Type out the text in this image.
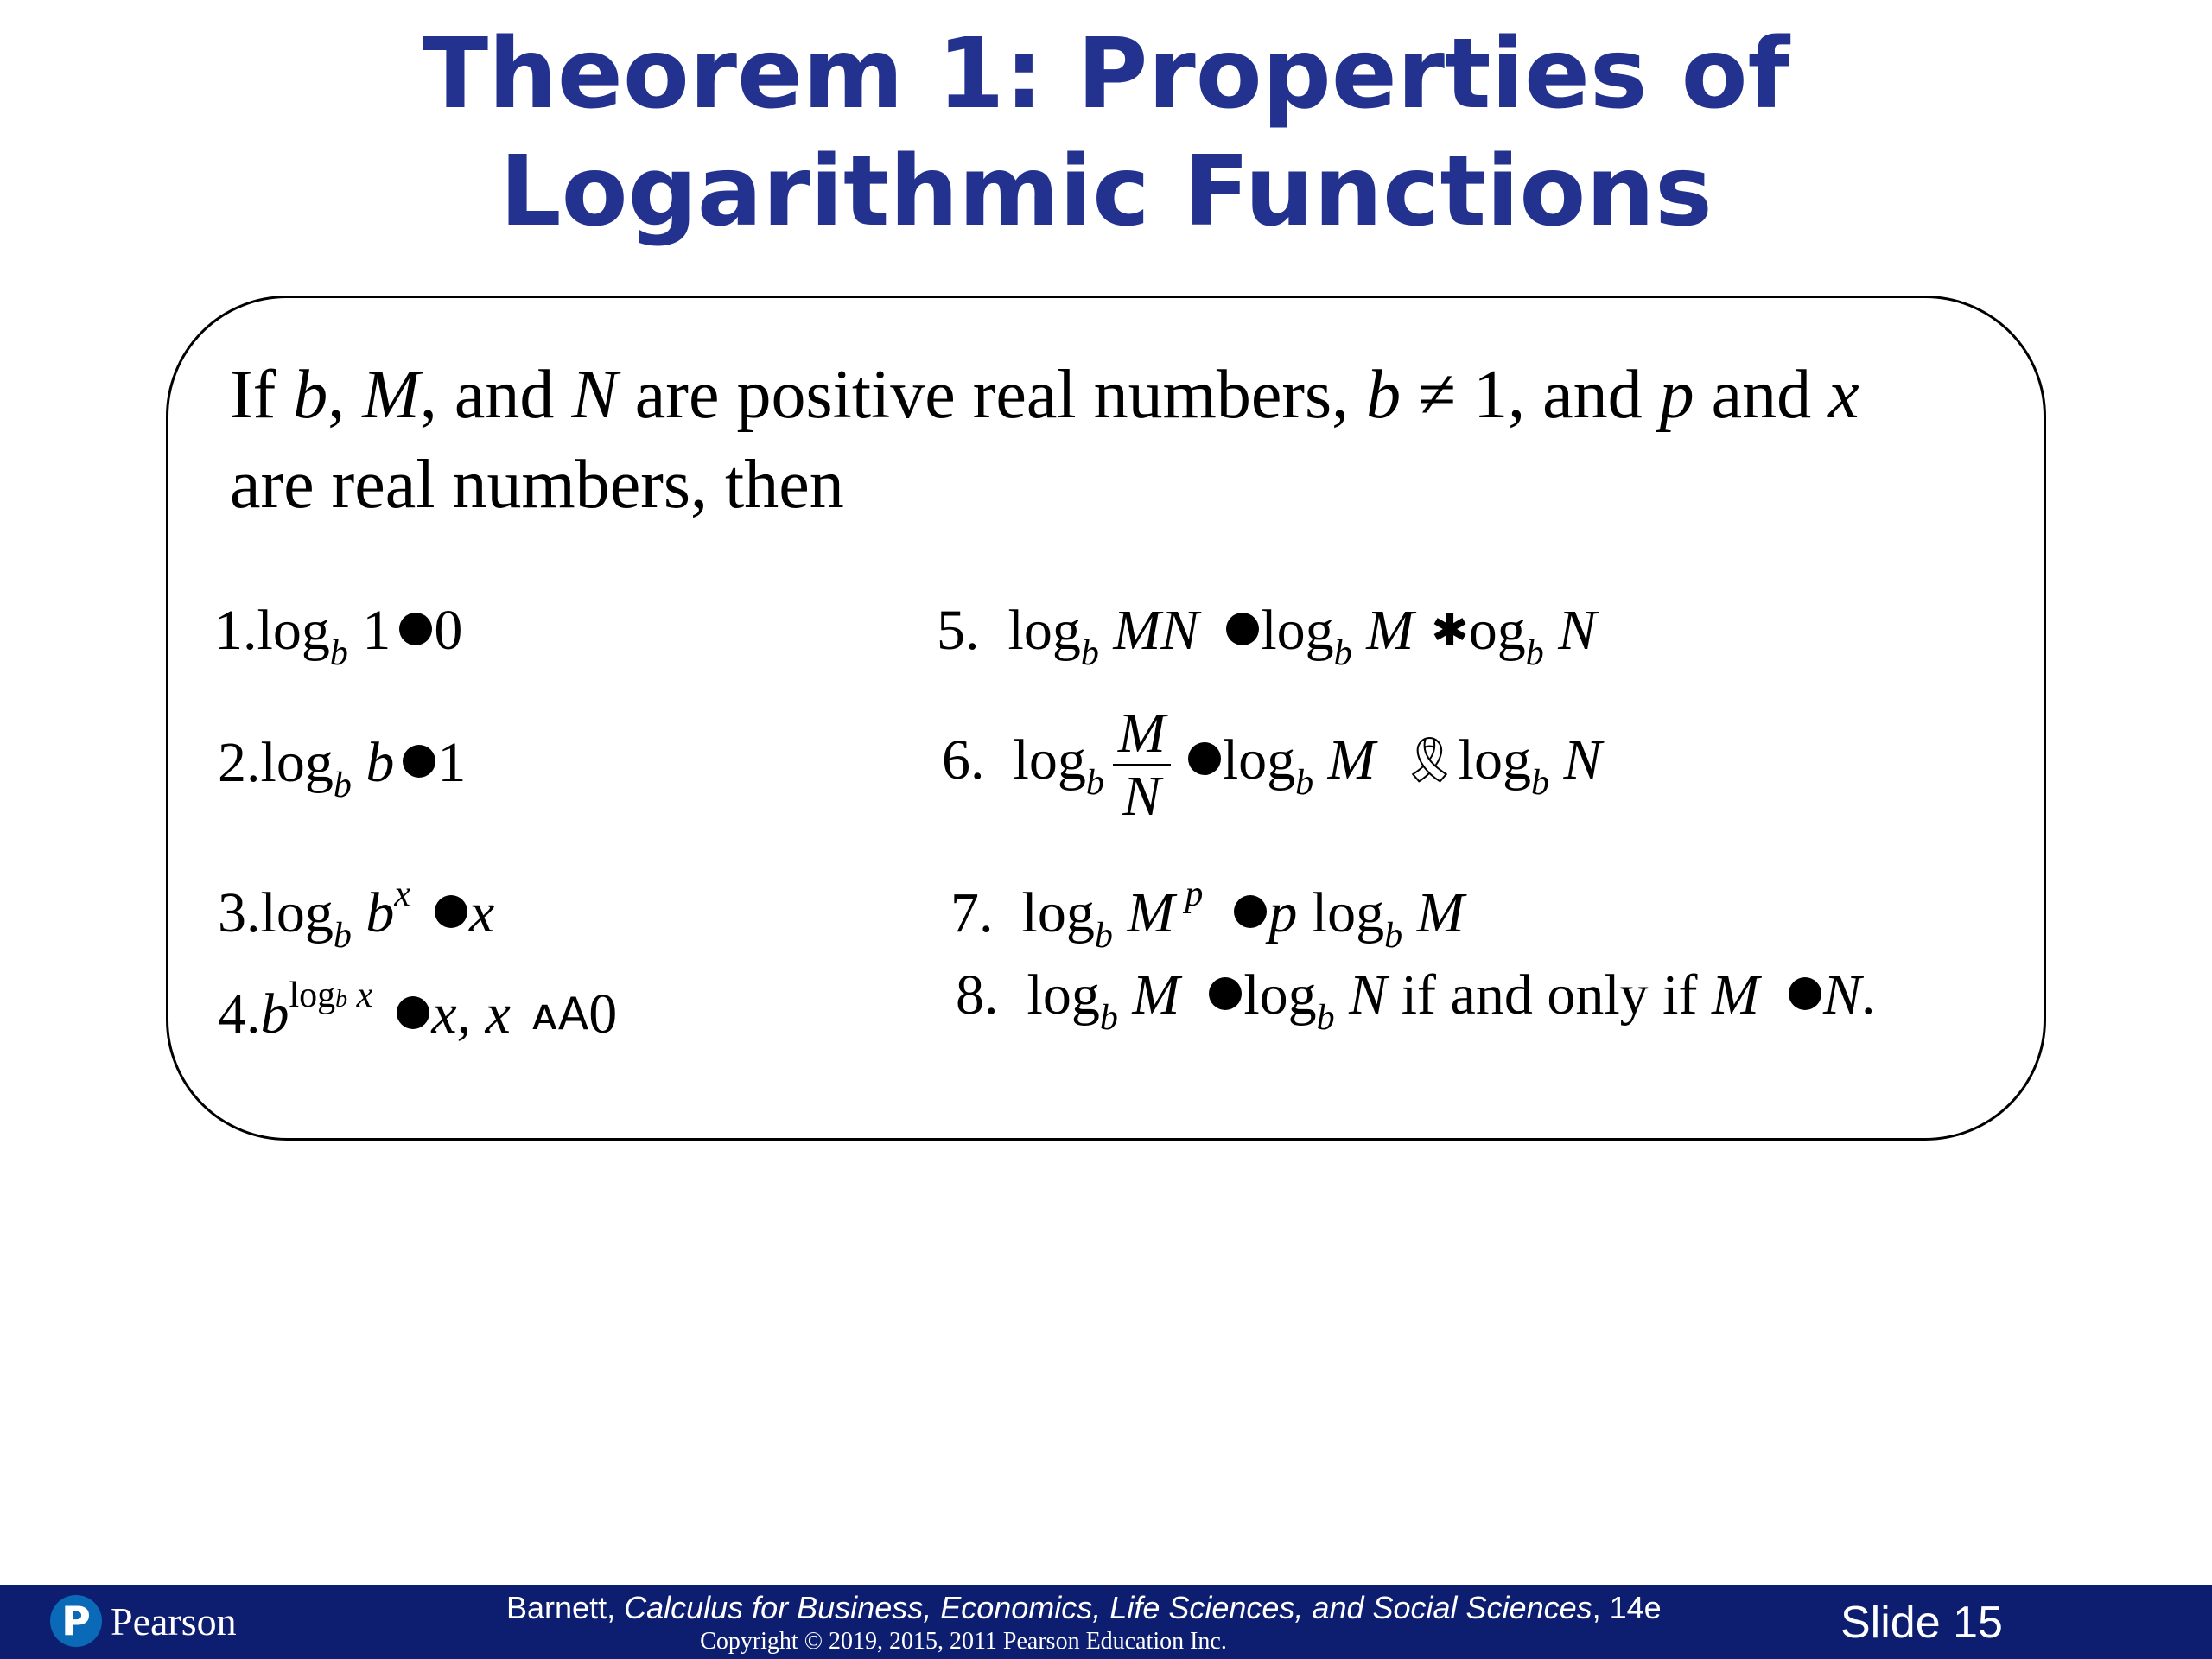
Theorem 1: Properties of
Logarithmic Functions
If b, M, and N are positive real numbers, b ≠ 1, and p and x
are real numbers, then
$1.\log_b$ 1 0
$2.\log_b$ b 1
$3.\log_b$ $b^x$ x
$4.b^{logb x}$ x, x ᴀA0
5. $\log_b$ MN $\log_b M$ $✱og_b$ N
6. $\log_b \frac{M}{N} \log_b M$ $🎗\log_b$ N
7. $\log_b M$ $^p$ p $\log_b M$
8. $\log_b M$ $\log_b N$ if and only if M N.
P Pearson	Barnett, Calculus for Business, Economics, Life Sciences, and Social Sciences, 14e
Copyright © 2019, 2015, 2011 Pearson Education Inc.	Slide 15
